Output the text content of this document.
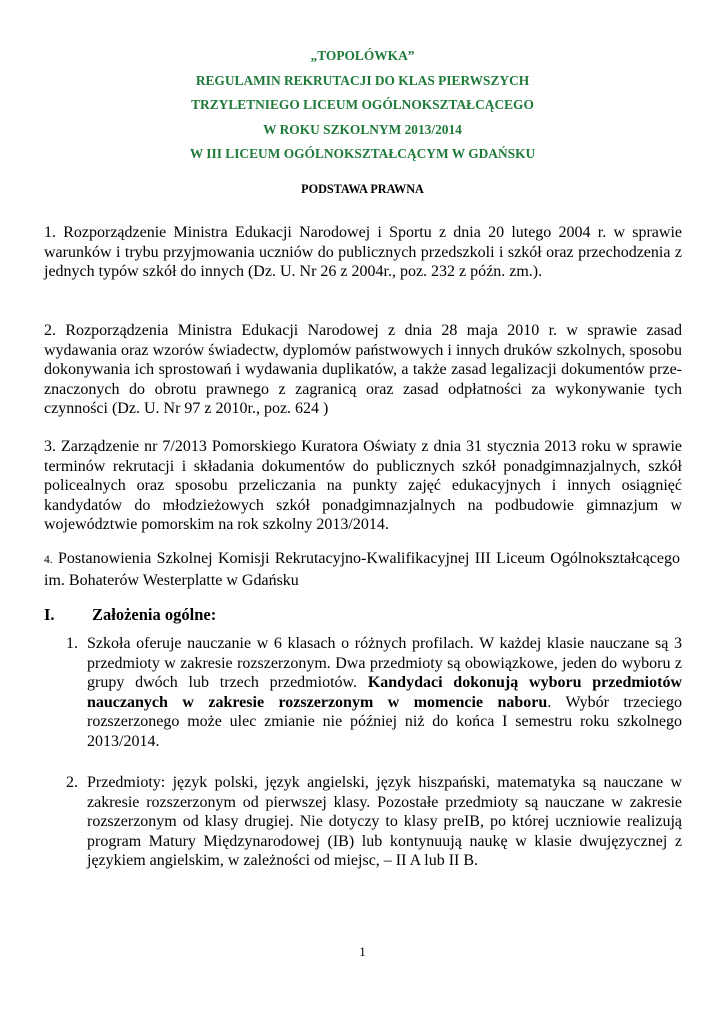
„TOPOLÓWKA”
REGULAMIN REKRUTACJI DO KLAS PIERWSZYCH
TRZYLETNIEGO LICEUM OGÓLNOKSZTAŁCĄCEGO
W ROKU SZKOLNYM 2013/2014
W III LICEUM OGÓLNOKSZTAŁCĄCYM W GDAŃSKU
PODSTAWA PRAWNA
1. Rozporządzenie Ministra Edukacji Narodowej i Sportu z dnia 20 lutego 2004 r. w sprawie warunków i trybu przyjmowania uczniów do publicznych przedszkoli i szkół oraz przechodzenia z jednych typów szkół do innych (Dz. U. Nr 26 z 2004r., poz. 232 z późn. zm.).
2. Rozporządzenia Ministra Edukacji Narodowej z dnia 28 maja 2010 r. w sprawie zasad wydawania oraz wzorów świadectw, dyplomów państwowych i innych druków szkolnych, sposobu dokonywania ich sprostowań i wydawania duplikatów, a także zasad legalizacji dokumentów prze-znaczonych do obrotu prawnego z zagranicą oraz zasad odpłatności za wykonywanie tych czynności (Dz. U. Nr 97 z 2010r., poz. 624 )
3. Zarządzenie nr 7/2013 Pomorskiego Kuratora Oświaty z dnia 31 stycznia 2013 roku w sprawie terminów rekrutacji i składania dokumentów do publicznych szkół ponadgimnazjalnych, szkół policealnych oraz sposobu przeliczania na punkty zajęć edukacyjnych i innych osiągnięć kandydatów do młodzieżowych szkół ponadgimnazjalnych na podbudowie gimnazjum w województwie pomorskim na rok szkolny 2013/2014.
4. Postanowienia Szkolnej Komisji Rekrutacyjno-Kwalifikacyjnej III Liceum Ogólnokształcącego im. Bohaterów Westerplatte w Gdańsku
I. Założenia ogólne:
1. Szkoła oferuje nauczanie w 6 klasach o różnych profilach. W każdej klasie nauczane są 3 przedmioty w zakresie rozszerzonym. Dwa przedmioty są obowiązkowe, jeden do wyboru z grupy dwóch lub trzech przedmiotów. Kandydaci dokonują wyboru przedmiotów nauczanych w zakresie rozszerzonym w momencie naboru. Wybór trzeciego rozszerzonego może ulec zmianie nie później niż do końca I semestru roku szkolnego 2013/2014.
2. Przedmioty: język polski, język angielski, język hiszpański, matematyka są nauczane w zakresie rozszerzonym od pierwszej klasy. Pozostałe przedmioty są nauczane w zakresie rozszerzonym od klasy drugiej. Nie dotyczy to klasy preIB, po której uczniowie realizują program Matury Międzynarodowej (IB) lub kontynuują naukę w klasie dwujęzycznej z językiem angielskim, w zależności od miejsc, – II A lub II B.
1
